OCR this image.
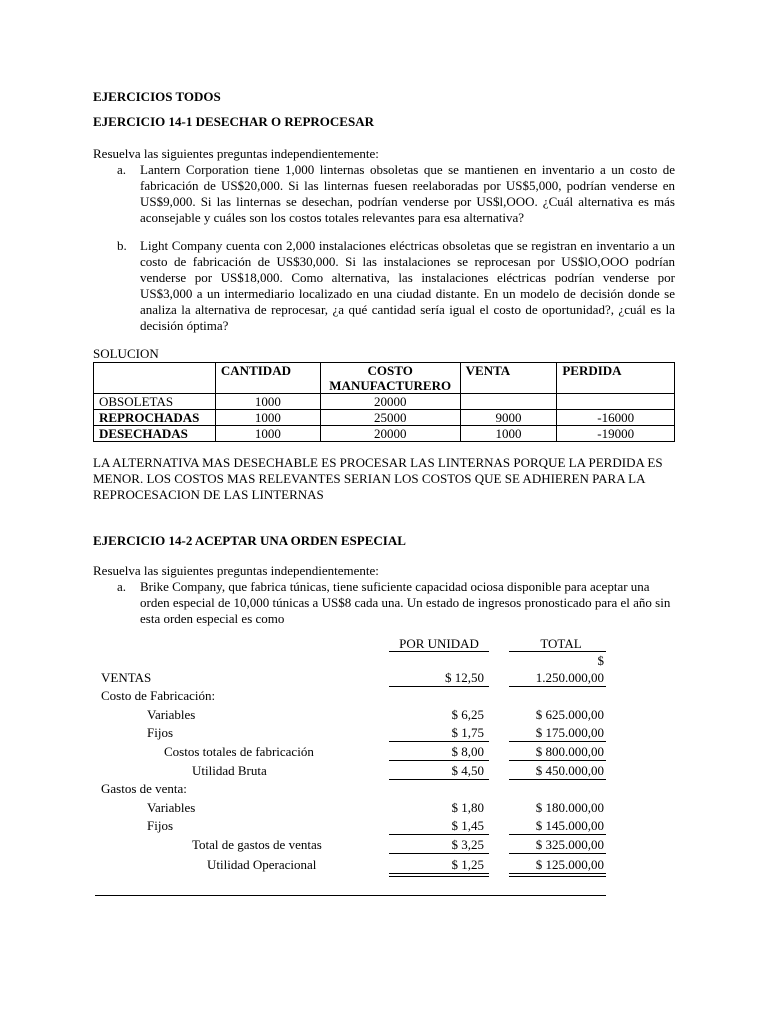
EJERCICIOS TODOS

EJERCICIO 14-1 DESECHAR O REPROCESAR

Resuelva las siguientes preguntas independientemente:

a. Lantern Corporation tiene 1,000 linternas obsoletas que se mantienen en inventario a un costo de fabricación de US$20,000. Si las linternas fuesen reelaboradas por US$5,000, podrían venderse en US$9,000. Si las linternas se desechan, podrían venderse por US$l,OOO. ¿Cuál alternativa es más aconsejable y cuáles son los costos totales relevantes para esa alternativa?
b. Light Company cuenta con 2,000 instalaciones eléctricas obsoletas que se registran en inventario a un costo de fabricación de US$30,000. Si las instalaciones se reprocesan por US$lO,OOO podrían venderse por US$18,000. Como alternativa, las instalaciones eléctricas podrían venderse por US$3,000 a un intermediario localizado en una ciudad distante. En un modelo de decisión donde se analiza la alternativa de reprocesar, ¿a qué cantidad sería igual el costo de oportunidad?, ¿cuál es la decisión óptima?

SOLUCION

	CANTIDAD	COSTO MANUFACTURERO	VENTA	PERDIDA
OBSOLETAS	1000	20000		
REPROCHADAS	1000	25000	9000	-16000
DESECHADAS	1000	20000	1000	-19000

LA ALTERNATIVA MAS DESECHABLE ES PROCESAR LAS LINTERNAS PORQUE LA PERDIDA ES MENOR. LOS COSTOS MAS RELEVANTES SERIAN LOS COSTOS QUE SE ADHIEREN PARA LA REPROCESACION DE LAS LINTERNAS

EJERCICIO 14-2 ACEPTAR UNA ORDEN ESPECIAL

Resuelva las siguientes preguntas independientemente:

a. Brike Company, que fabrica túnicas, tiene suficiente capacidad ociosa disponible para aceptar una orden especial de 10,000 túnicas a US$8 cada una. Un estado de ingresos pronosticado para el año sin esta orden especial es como
POR UNIDAD	TOTAL
$
VENTAS	$ 12,50	1.250.000,00
Costo de Fabricación:
Variables	$ 6,25	$ 625.000,00
Fijos	$ 1,75	$ 175.000,00
Costos totales de fabricación	$ 8,00	$ 800.000,00
Utilidad Bruta	$ 4,50	$ 450.000,00
Gastos de venta:
Variables	$ 1,80	$ 180.000,00
Fijos	$ 1,45	$ 145.000,00
Total de gastos de ventas	$ 3,25	$ 325.000,00
Utilidad Operacional	$ 1,25	$ 125.000,00
